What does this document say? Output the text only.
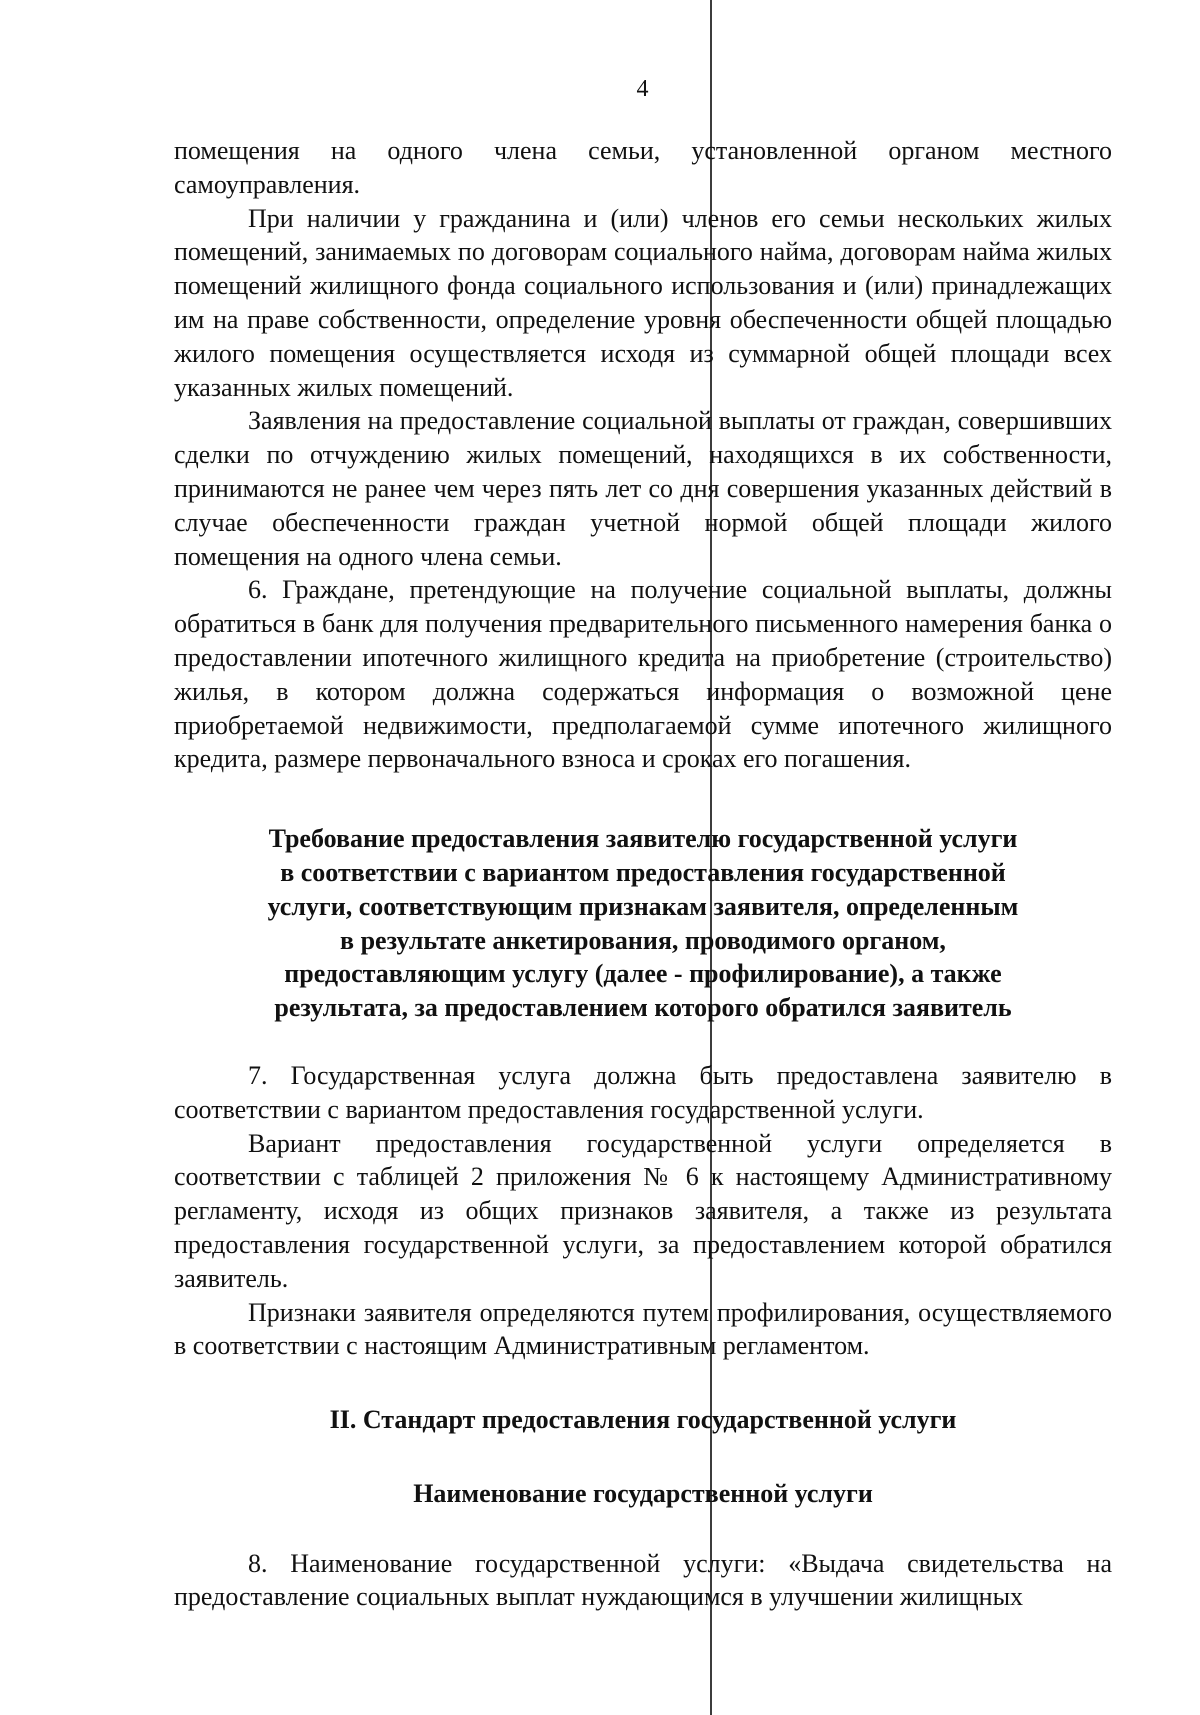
4

помещения на одного члена семьи, установленной органом местного самоуправления.

При наличии у гражданина и (или) членов его семьи нескольких жилых помещений, занимаемых по договорам социального найма, договорам найма жилых помещений жилищного фонда социального использования и (или) принадлежащих им на праве собственности, определение уровня обеспеченности общей площадью жилого помещения осуществляется исходя из суммарной общей площади всех указанных жилых помещений.

Заявления на предоставление социальной выплаты от граждан, совершивших сделки по отчуждению жилых помещений, находящихся в их собственности, принимаются не ранее чем через пять лет со дня совершения указанных действий в случае обеспеченности граждан учетной нормой общей площади жилого помещения на одного члена семьи.

6. Граждане, претендующие на получение социальной выплаты, должны обратиться в банк для получения предварительного письменного намерения банка о предоставлении ипотечного жилищного кредита на приобретение (строительство) жилья, в котором должна содержаться информация о возможной цене приобретаемой недвижимости, предполагаемой сумме ипотечного жилищного кредита, размере первоначального взноса и сроках его погашения.

Требование предоставления заявителю государственной услуги

в соответствии с вариантом предоставления государственной

услуги, соответствующим признакам заявителя, определенным

в результате анкетирования, проводимого органом,

предоставляющим услугу (далее - профилирование), а также

результата, за предоставлением которого обратился заявитель

7. Государственная услуга должна быть предоставлена заявителю в соответствии с вариантом предоставления государственной услуги.

Вариант предоставления государственной услуги определяется в соответствии с таблицей 2 приложения № 6 к настоящему Административному регламенту, исходя из общих признаков заявителя, а также из результата предоставления государственной услуги, за предоставлением которой обратился заявитель.

Признаки заявителя определяются путем профилирования, осуществляемого в соответствии с настоящим Административным регламентом.

II. Стандарт предоставления государственной услуги
Наименование государственной услуги

8. Наименование государственной услуги: «Выдача свидетельства на предоставление социальных выплат нуждающимся в улучшении жилищных
